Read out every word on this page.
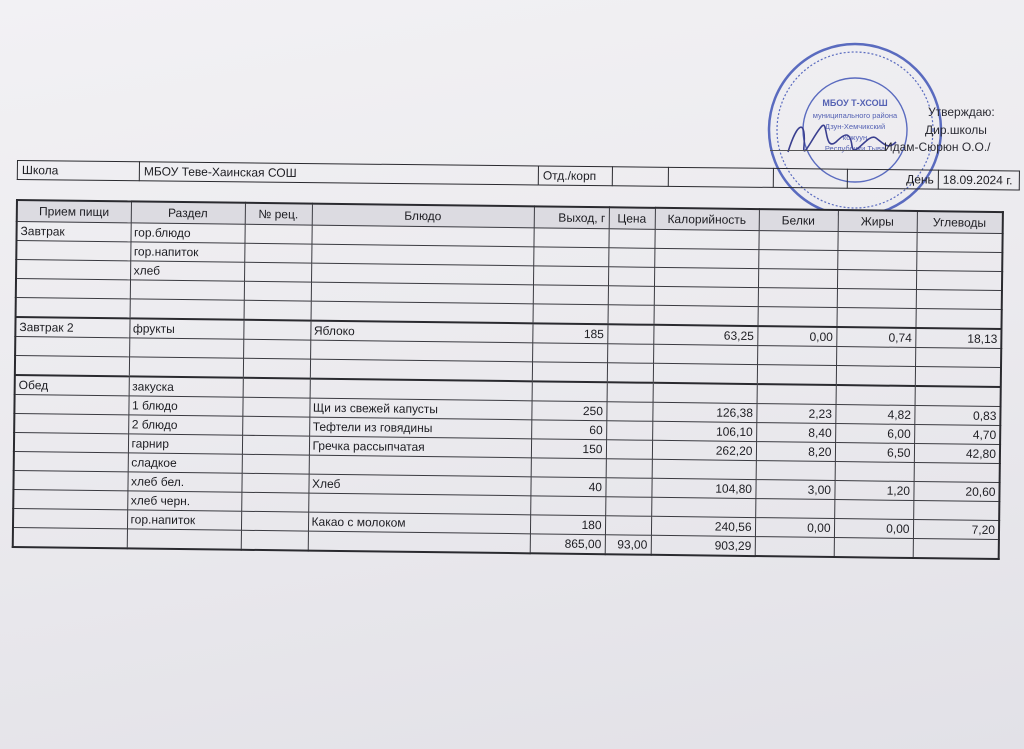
МБОУ Т-ХСОШ
муниципального района
Дзун-Хемчикский
кожуун
Республики Тыва
Утверждаю:
Дир.школы
Идам-Сюрюн О.О./
Школа	МБОУ Теве-Хаинская СОШ	Отд./корп				День	18.09.2024 г.
Прием пищи	Раздел	№ рец.	Блюдо	Выход, г	Цена	Калорийность	Белки	Жиры	Углеводы
Завтрак	гор.блюдо								
	гор.напиток								
	хлеб								

Завтрак 2	фрукты		Яблоко	185		63,25	0,00	0,74	18,13

Обед	закуска								
	1 блюдо		Щи из свежей капусты	250		126,38	2,23	4,82	0,83
	2 блюдо		Тефтели из говядины	60		106,10	8,40	6,00	4,70
	гарнир		Гречка рассыпчатая	150		262,20	8,20	6,50	42,80
	сладкое								
	хлеб бел.		Хлеб	40		104,80	3,00	1,20	20,60
	хлеб черн.								
	гор.напиток		Какао с молоком	180		240,56	0,00	0,00	7,20
				865,00	93,00	903,29			
